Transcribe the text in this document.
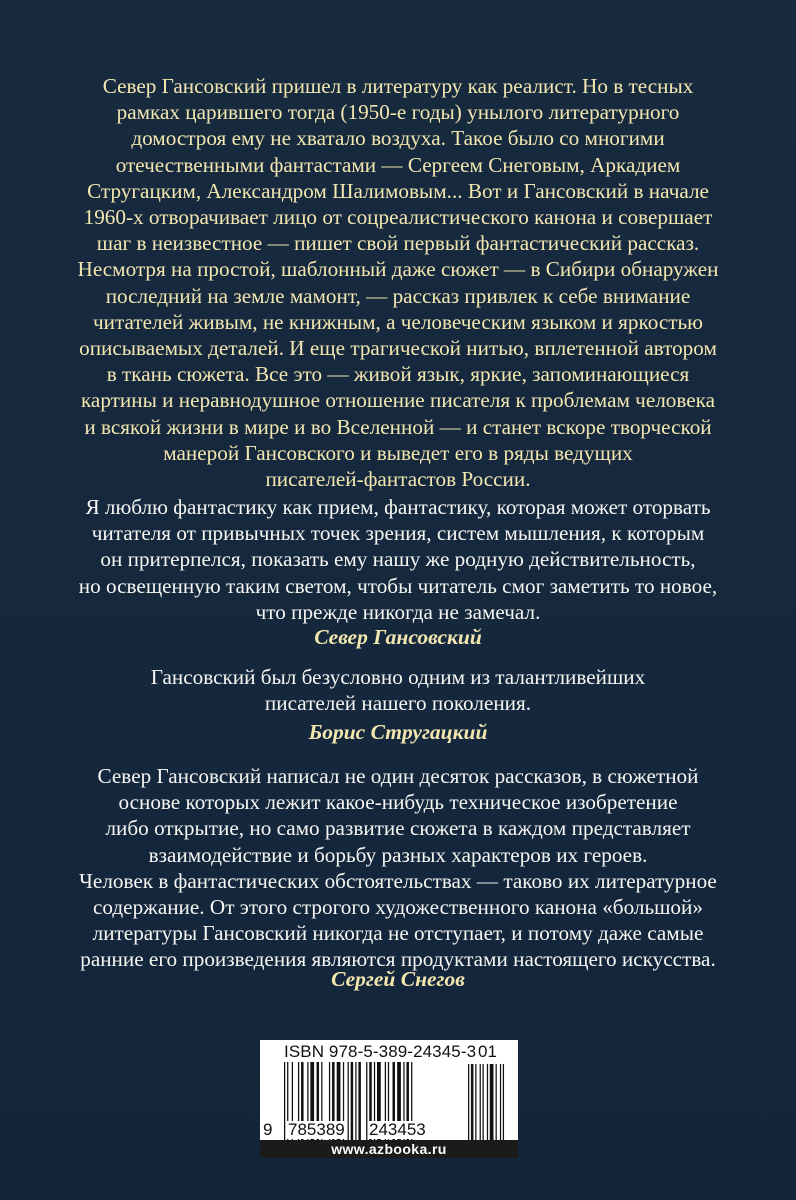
Север Гансовский пришел в литературу как реалист. Но в тесных
рамках царившего тогда (1950-е годы) унылого литературного
домостроя ему не хватало воздуха. Такое было со многими
отечественными фантастами — Сергеем Снеговым, Аркадием
Стругацким, Александром Шалимовым... Вот и Гансовский в начале
1960-х отворачивает лицо от соцреалистического канона и совершает
шаг в неизвестное — пишет свой первый фантастический рассказ.
Несмотря на простой, шаблонный даже сюжет — в Сибири обнаружен
последний на земле мамонт, — рассказ привлек к себе внимание
читателей живым, не книжным, а человеческим языком и яркостью
описываемых деталей. И еще трагической нитью, вплетенной автором
в ткань сюжета. Все это — живой язык, яркие, запоминающиеся
картины и неравнодушное отношение писателя к проблемам человека
и всякой жизни в мире и во Вселенной — и станет вскоре творческой
манерой Гансовского и выведет его в ряды ведущих
писателей-фантастов России.

Я люблю фантастику как прием, фантастику, которая может оторвать
читателя от привычных точек зрения, систем мышления, к которым
он притерпелся, показать ему нашу же родную действительность,
но освещенную таким светом, чтобы читатель смог заметить то новое,
что прежде никогда не замечал.

Север Гансовский

Гансовский был безусловно одним из талантливейших
писателей нашего поколения.

Борис Стругацкий

Север Гансовский написал не один десяток рассказов, в сюжетной
основе которых лежит какое-нибудь техническое изобретение
либо открытие, но само развитие сюжета в каждом представляет
взаимодействие и борьбу разных характеров их героев.
Человек в фантастических обстоятельствах — таково их литературное
содержание. От этого строгого художественного канона «большой»
литературы Гансовский никогда не отступает, и потому даже самые
ранние его произведения являются продуктами настоящего искусства.

Сергей Снегов

ISBN 978-5-389-24345-3 01
9 785389 243453
www.azbooka.ru
